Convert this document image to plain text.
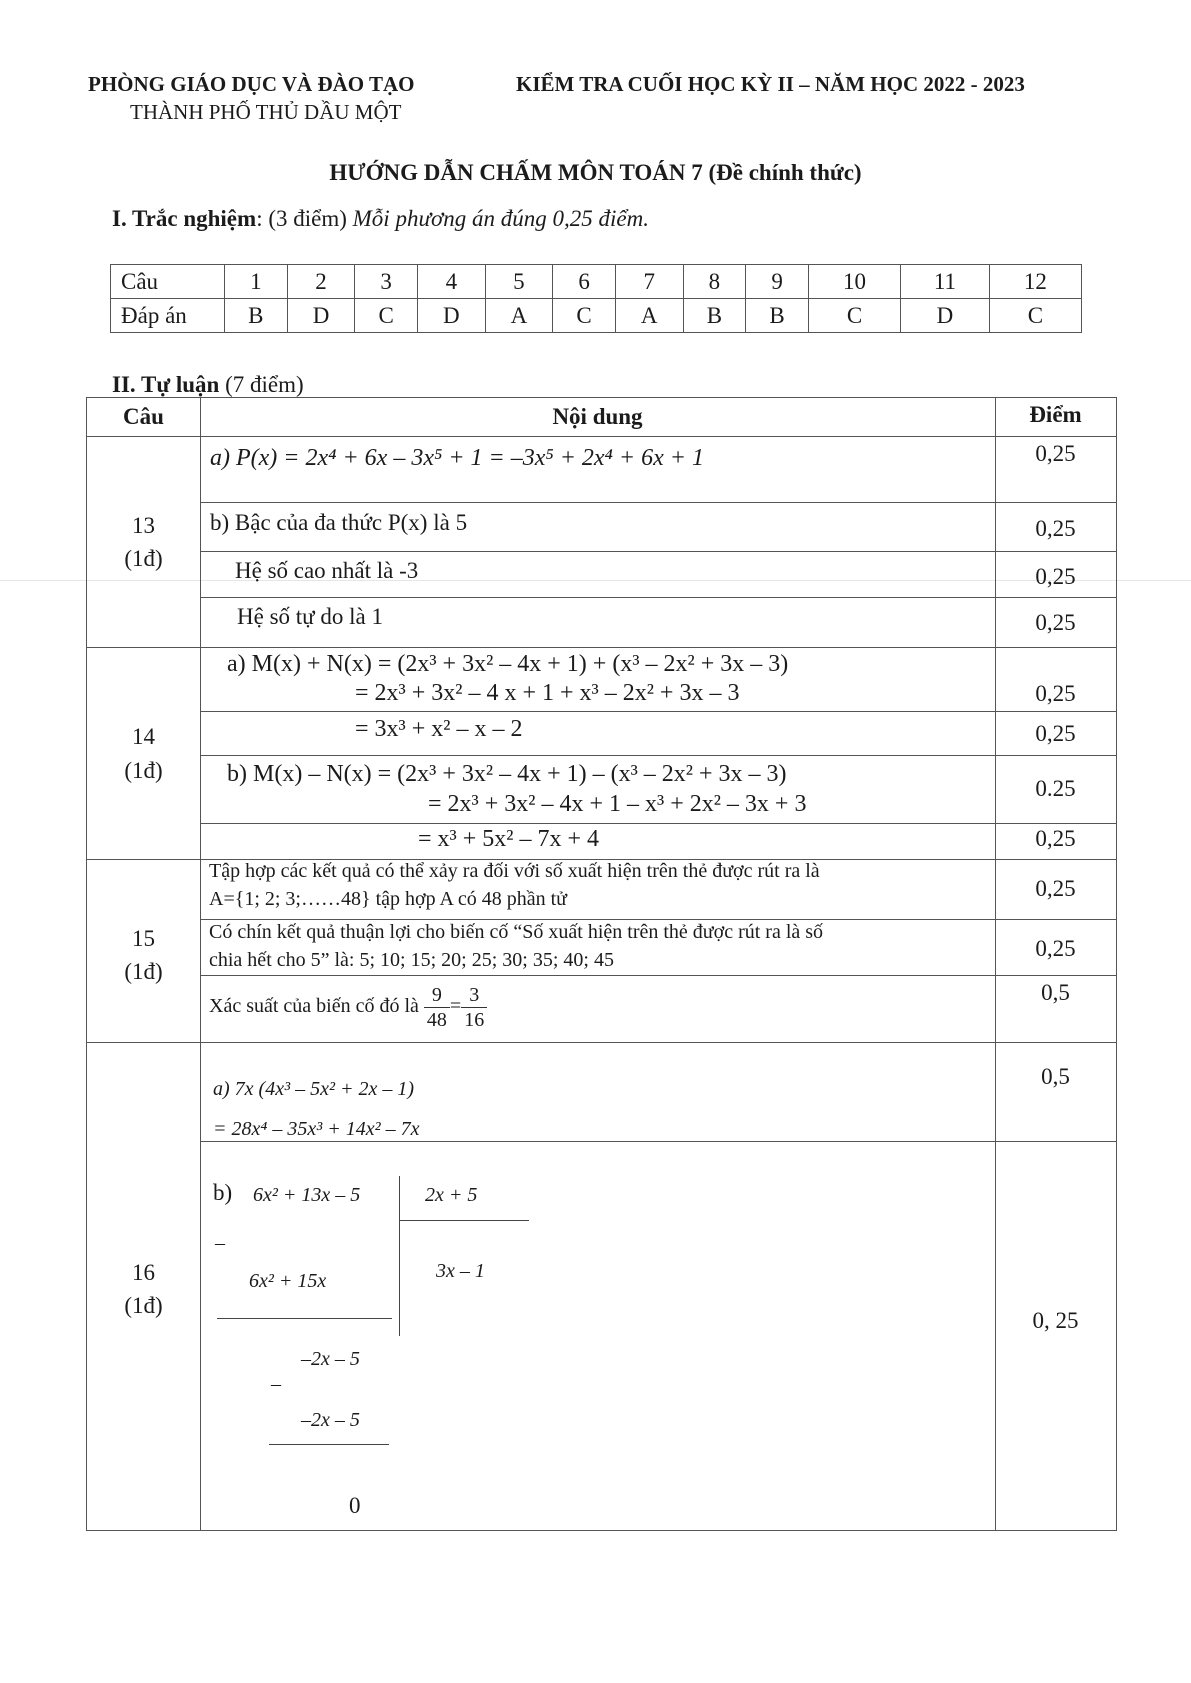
PHÒNG GIÁO DỤC VÀ ĐÀO TẠO
THÀNH PHỐ THỦ DẦU MỘT
KIỂM TRA CUỐI HỌC KỲ II – NĂM HỌC 2022 - 2023
HƯỚNG DẪN CHẤM MÔN TOÁN 7 (Đề chính thức)
I. Trắc nghiệm: (3 điểm) Mỗi phương án đúng 0,25 điểm.
Câu	1	2	3	4	5	6	7	8	9	10	11	12
Đáp án	B	D	C	D	A	C	A	B	B	C	D	C
II. Tự luận (7 điểm)
Câu	Nội dung	Điểm
13
(1đ)
a) P(x) = 2x⁴ + 6x – 3x⁵ + 1 = –3x⁵ + 2x⁴ + 6x + 1	0,25
b) Bậc của đa thức P(x) là 5	0,25
Hệ số cao nhất là -3	0,25
Hệ số tự do là 1	0,25
14
(1đ)
a) M(x) + N(x) = (2x³ + 3x² – 4x + 1) + (x³ – 2x² + 3x – 3)
= 2x³ + 3x² – 4 x + 1 + x³ – 2x² + 3x – 3	0,25
= 3x³ + x² – x – 2	0,25
b) M(x) – N(x) = (2x³ + 3x² – 4x + 1) – (x³ – 2x² + 3x – 3)
= 2x³ + 3x² – 4x + 1 – x³ + 2x² – 3x + 3
0.25
= x³ + 5x² – 7x + 4	0,25
15
(1đ)
Tập hợp các kết quả có thể xảy ra đối với số xuất hiện trên thẻ được rút ra là
A={1; 2; 3;……48} tập hợp A có 48 phần tử	0,25
Có chín kết quả thuận lợi cho biến cố “Số xuất hiện trên thẻ được rút ra là số
chia hết cho 5” là: 5; 10; 15; 20; 25; 30; 35; 40; 45	0,25
Xác suất của biến cố đó là $\frac{9}{48} = \frac{3}{16}$	0,5
16
(1đ)
a) 7x (4x³ – 5x² + 2x – 1)
= 28x⁴ – 35x³ + 14x² – 7x
0,5
b) 6x² + 13x – 5	2x + 5
3x – 1
–
6x² + 15x
–2x – 5
–
–2x – 5
0
0, 25
